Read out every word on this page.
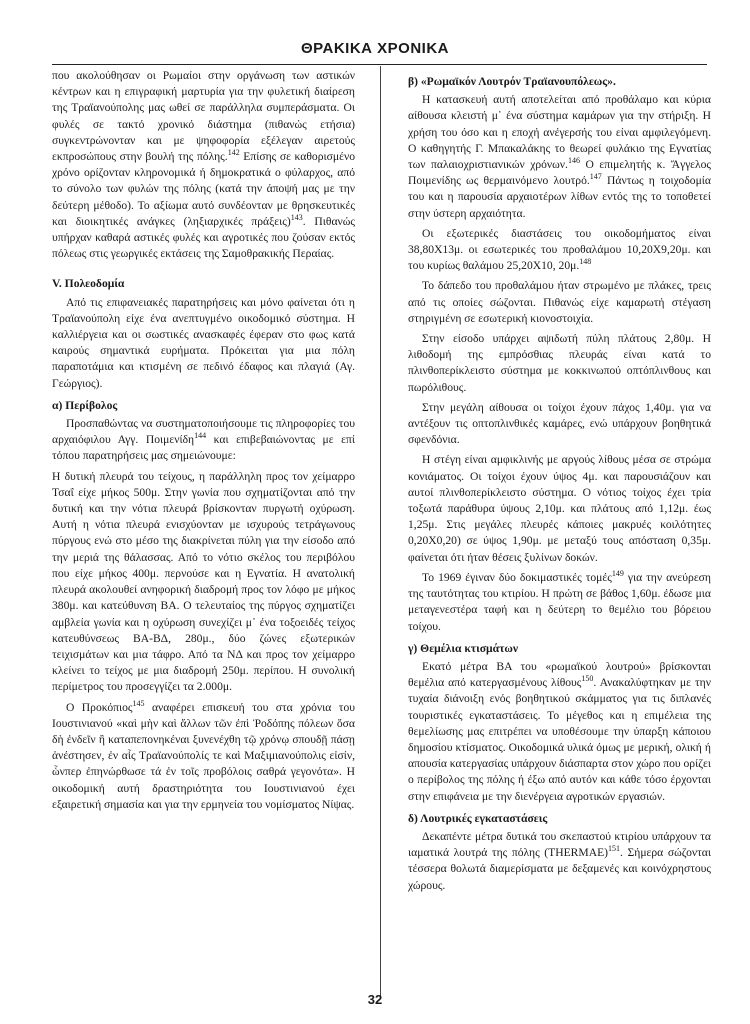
ΘΡΑΚΙΚΑ ΧΡΟΝΙΚΑ

που ακολούθησαν οι Ρωμαίοι στην οργάνωση των αστικών κέντρων και η επιγραφική μαρτυρία για την φυλετική διαίρεση της Τραϊανούπολης μας ωθεί σε παράλληλα συμπεράσματα. Οι φυλές σε τακτό χρονικό διάστημα (πιθανώς ετήσια) συγκεντρώνονταν και με ψηφοφορία εξέλεγαν αιρετούς εκπροσώπους στην βουλή της πόλης.$^{142}$ Επίσης σε καθορισμένο χρόνο ορίζονταν κληρονομικά ή δημοκρατικά ο φύλαρχος, από το σύνολο των φυλών της πόλης (κατά την άποψή μας με την δεύτερη μέθοδο). Το αξίωμα αυτό συνδέονταν με θρησκευτικές και διοικητικές ανάγκες (ληξιαρχικές πράξεις)$^{143}$. Πιθανώς υπήρχαν καθαρά αστικές φυλές και αγροτικές που ζούσαν εκτός πόλεως στις γεωργικές εκτάσεις της Σαμοθρακικής Περαίας.

V. Πολεοδομία

Από τις επιφανειακές παρατηρήσεις και μόνο φαίνεται ότι η Τραϊανούπολη είχε ένα ανεπτυγμένο οικοδομικό σύστημα. Η καλλιέργεια και οι σωστικές ανασκαφές έφεραν στο φως κατά καιρούς σημαντικά ευρήματα. Πρόκειται για μια πόλη παραποτάμια και κτισμένη σε πεδινό έδαφος και πλαγιά (Αγ. Γεώργιος).

α) Περίβολος

Προσπαθώντας να συστηματοποιήσουμε τις πληροφορίες του αρχαιόφιλου Αγγ. Ποιμενίδη$^{144}$ και επιβεβαιώνοντας με επί τόπου παρατηρήσεις μας σημειώνουμε:

Η δυτική πλευρά του τείχους, η παράλληλη προς τον χείμαρρο Τσαΐ είχε μήκος 500μ. Στην γωνία που σχηματίζονται από την δυτική και την νότια πλευρά βρίσκονταν πυργωτή οχύρωση. Αυτή η νότια πλευρά ενισχύονταν με ισχυρούς τετράγωνους πύργους ενώ στο μέσο της διακρίνεται πύλη για την είσοδο από την μεριά της θάλασσας. Από το νότιο σκέλος του περιβόλου που είχε μήκος 400μ. περνούσε και η Εγνατία. Η ανατολική πλευρά ακολουθεί ανηφορική διαδρομή προς τον λόφο με μήκος 380μ. και κατεύθυνση ΒΑ. Ο τελευταίος της πύργος σχηματίζει αμβλεία γωνία και η οχύρωση συνεχίζει μ᾽ ένα τοξοειδές τείχος κατευθύνσεως ΒΑ-ΒΔ, 280μ., δύο ζώνες εξωτερικών τειχισμάτων και μια τάφρο. Από τα ΝΔ και προς τον χείμαρρο κλείνει το τείχος με μια διαδρομή 250μ. περίπου. Η συνολική περίμετρος του προσεγγίζει τα 2.000μ.

Ο Προκόπιος$^{145}$ αναφέρει επισκευή του στα χρόνια του Ιουστινιανού «καὶ μὴν καὶ ἄλλων τῶν ἐπὶ Ῥοδόπης πόλεων ὅσα δὴ ἐνδεῖν ἢ καταπεπονηκέναι ξυνενέχθη τῷ χρόνῳ σπουδῇ πάσῃ ἀνέστησεν, ἐν αἷς Τραϊανούπολίς τε καὶ Μαξιμιανούπολις εἰσίν, ὧνπερ ἐπηνώρθωσε τά ἐν τοῖς προβόλοις σαθρά γεγονότα». Η οικοδομική αυτή δραστηριότητα του Ιουστινιανού έχει εξαιρετική σημασία και για την ερμηνεία του νομίσματος Νίψας.

β) «Ρωμαϊκόν Λουτρόν Τραϊανουπόλεως».

Η κατασκευή αυτή αποτελείται από προθάλαμο και κύρια αίθουσα κλειστή μ᾽ ένα σύστημα καμάρων για την στήριξη. Η χρήση του όσο και η εποχή ανέγερσής του είναι αμφιλεγόμενη. Ο καθηγητής Γ. Μπακαλάκης το θεωρεί φυλάκιο της Εγνατίας των παλαιοχριστιανικών χρόνων.$^{146}$ Ο επιμελητής κ. Ἄγγελος Ποιμενίδης ως θερμαινόμενο λουτρό.$^{147}$ Πάντως η τοιχοδομία του και η παρουσία αρχαιοτέρων λίθων εντός της το τοποθετεί στην ύστερη αρχαιότητα.

Οι εξωτερικές διαστάσεις του οικοδομήματος είναι 38,80Χ13μ. οι εσωτερικές του προθαλάμου 10,20Χ9,20μ. και του κυρίως θαλάμου 25,20Χ10, 20μ.$^{148}$

Το δάπεδο του προθαλάμου ήταν στρωμένο με πλάκες, τρεις από τις οποίες σώζονται. Πιθανώς είχε καμαρωτή στέγαση στηριγμένη σε εσωτερική κιονοστοιχία.

Στην είσοδο υπάρχει αψιδωτή πύλη πλάτους 2,80μ. Η λιθοδομή της εμπρόσθιας πλευράς είναι κατά το πλινθοπερίκλειστο σύστημα με κοκκινωπού οπτόπλινθους και πωρόλιθους.

Στην μεγάλη αίθουσα οι τοίχοι έχουν πάχος 1,40μ. για να αντέξουν τις οπτοπλινθικές καμάρες, ενώ υπάρχουν βοηθητικά σφενδόνια.

Η στέγη είναι αμφικλινής με αργούς λίθους μέσα σε στρώμα κονιάματος. Οι τοίχοι έχουν ύψος 4μ. και παρουσιάζουν και αυτοί πλινθοπερίκλειστο σύστημα. Ο νότιος τοίχος έχει τρία τοξωτά παράθυρα ύψους 2,10μ. και πλάτους από 1,12μ. έως 1,25μ. Στις μεγάλες πλευρές κάποιες μακρυές κοιλότητες 0,20Χ0,20) σε ύψος 1,90μ. με μεταξύ τους απόσταση 0,35μ. φαίνεται ότι ήταν θέσεις ξυλίνων δοκών.

Το 1969 έγιναν δύο δοκιμαστικές τομές$^{149}$ για την ανεύρεση της ταυτότητας του κτιρίου. Η πρώτη σε βάθος 1,60μ. έδωσε μια μεταγενεστέρα ταφή και η δεύτερη το θεμέλιο του βόρειου τοίχου.

γ) Θεμέλια κτισμάτων

Εκατό μέτρα ΒΑ του «ρωμαϊκού λουτρού» βρίσκονται θεμέλια από κατεργασμένους λίθους$^{150}$. Ανακαλύφτηκαν με την τυχαία διάνοιξη ενός βοηθητικού σκάμματος για τις διπλανές τουριστικές εγκαταστάσεις. Το μέγεθος και η επιμέλεια της θεμελίωσης μας επιτρέπει να υποθέσουμε την ύπαρξη κάποιου δημοσίου κτίσματος. Οικοδομικά υλικά όμως με μερική, ολική ή απουσία κατεργασίας υπάρχουν διάσπαρτα στον χώρο που ορίζει ο περίβολος της πόλης ή έξω από αυτόν και κάθε τόσο έρχονται στην επιφάνεια με την διενέργεια αγροτικών εργασιών.

δ) Λουτρικές εγκαταστάσεις

Δεκαπέντε μέτρα δυτικά του σκεπαστού κτιρίου υπάρχουν τα ιαματικά λουτρά της πόλης (THERMAE)$^{151}$. Σήμερα σώζονται τέσσερα θολωτά διαμερίσματα με δεξαμενές και κοινόχρηστους χώρους.

32
